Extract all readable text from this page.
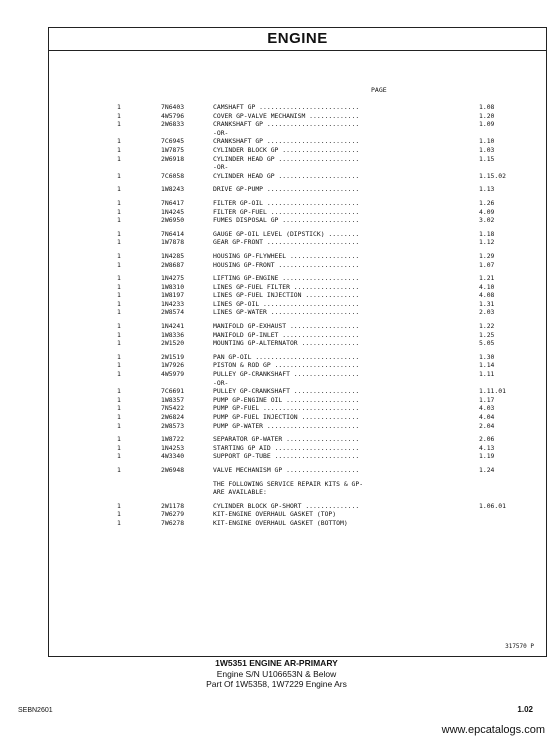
ENGINE
PAGE
1	7N6403	CAMSHAFT GP ..........................	1.08
1	4W5796	COVER GP-VALVE MECHANISM .............	1.20
1	2W6833	CRANKSHAFT GP ........................	1.09
-OR-
1	7C6945	CRANKSHAFT GP ........................	1.10
1	1W7875	CYLINDER BLOCK GP ....................	1.03
1	2W6918	CYLINDER HEAD GP .....................	1.15
-OR-
1	7C6058	CYLINDER HEAD GP .....................	1.15.02
1	1W8243	DRIVE GP-PUMP ........................	1.13
1	7N6417	FILTER GP-OIL ........................	1.26
1	1N4245	FILTER GP-FUEL .......................	4.09
1	2W6950	FUMES DISPOSAL GP ....................	3.02
1	7N6414	GAUGE GP-OIL LEVEL (DIPSTICK) ........	1.18
1	1W7878	GEAR GP-FRONT ........................	1.12
1	1N4285	HOUSING GP-FLYWHEEL ..................	1.29
1	2W8687	HOUSING GP-FRONT .....................	1.07
1	1N4275	LIFTING GP-ENGINE ....................	1.21
1	1W8310	LINES GP-FUEL FILTER .................	4.10
1	1W8197	LINES GP-FUEL INJECTION ..............	4.08
1	1N4233	LINES GP-OIL .........................	1.31
1	2W8574	LINES GP-WATER .......................	2.03
1	1N4241	MANIFOLD GP-EXHAUST ..................	1.22
1	1W8336	MANIFOLD GP-INLET ....................	1.25
1	2W1520	MOUNTING GP-ALTERNATOR ...............	5.05
1	2W1519	PAN GP-OIL ...........................	1.30
1	1W7926	PISTON & ROD GP ......................	1.14
1	4W5979	PULLEY GP-CRANKSHAFT .................	1.11
-OR-
1	7C6691	PULLEY GP-CRANKSHAFT .................	1.11.01
1	1W8357	PUMP GP-ENGINE OIL ...................	1.17
1	7N5422	PUMP GP-FUEL .........................	4.03
1	2W6824	PUMP GP-FUEL INJECTION ...............	4.04
1	2W8573	PUMP GP-WATER ........................	2.04
1	1W8722	SEPARATOR GP-WATER ...................	2.06
1	1N4253	STARTING GP AID ......................	4.13
1	4W3340	SUPPORT GP-TUBE ......................	1.19
1	2W6948	VALVE MECHANISM GP ...................	1.24
THE FOLLOWING SERVICE REPAIR KITS & GP-
ARE AVAILABLE:
1	2W1178	CYLINDER BLOCK GP-SHORT ..............	1.06.01
1	7W6279	KIT-ENGINE OVERHAUL GASKET (TOP)
1	7W6278	KIT-ENGINE OVERHAUL GASKET (BOTTOM)
317570 P
1W5351 ENGINE AR-PRIMARY
Engine S/N U106653N & Below
Part Of 1W5358, 1W7229 Engine Ars
SEBN2601	1.02
www.epcatalogs.com
